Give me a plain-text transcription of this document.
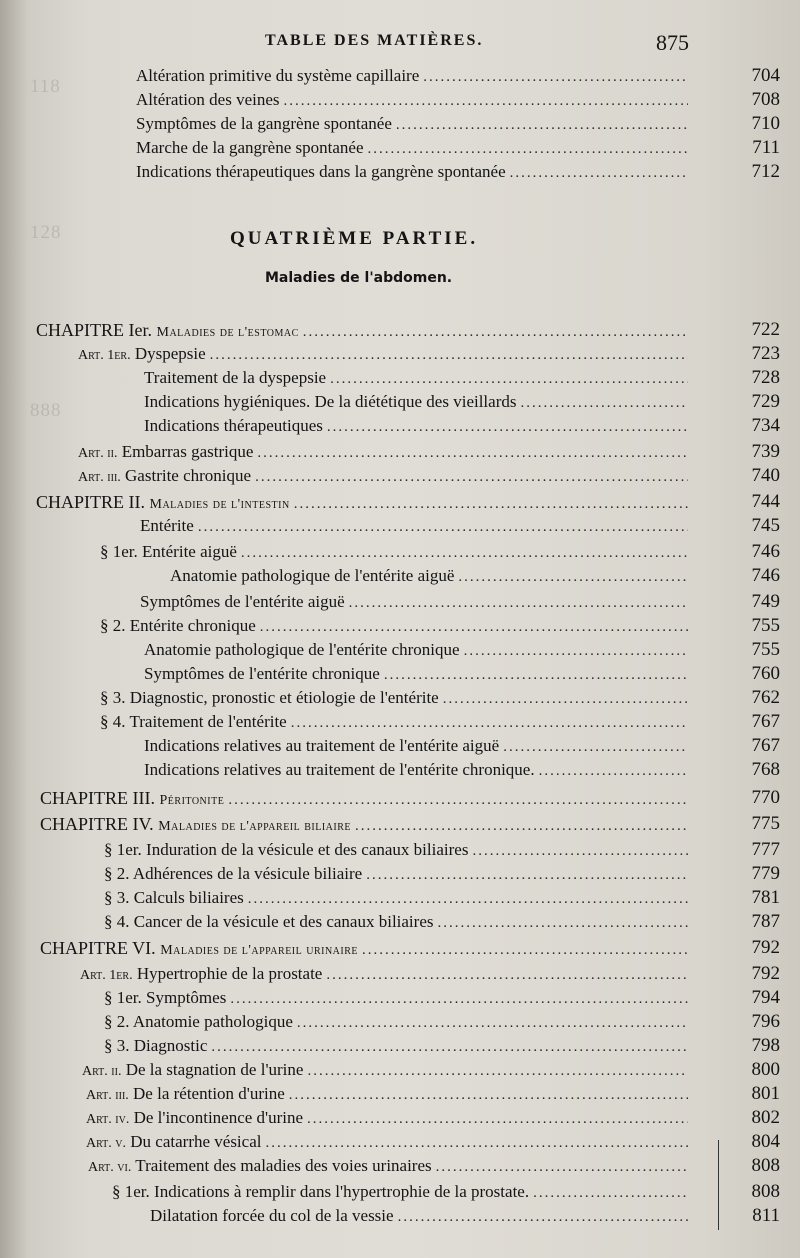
118
128
888
TABLE DES MATIÈRES.	875
Altération primitive du système capillaire .....	704
Altération des veines .....	708
Symptômes de la gangrène spontanée .....	710
Marche de la gangrène spontanée .....	711
Indications thérapeutiques dans la gangrène spontanée .....	712
QUATRIÈME PARTIE.
Maladies de l'abdomen.
CHAPITRE Ier. Maladies de l'estomac .....	722
Art. 1er. Dyspepsie .....	723
Traitement de la dyspepsie .....	728
Indications hygiéniques. De la diététique des vieillards .....	729
Indications thérapeutiques .....	734
Art. ii. Embarras gastrique .....	739
Art. iii. Gastrite chronique .....	740
CHAPITRE II. Maladies de l'intestin .....	744
Entérite .....	745
§ 1er. Entérite aiguë .....	746
Anatomie pathologique de l'entérite aiguë .....	746
Symptômes de l'entérite aiguë .....	749
§ 2. Entérite chronique .....	755
Anatomie pathologique de l'entérite chronique .....	755
Symptômes de l'entérite chronique .....	760
§ 3. Diagnostic, pronostic et étiologie de l'entérite .....	762
§ 4. Traitement de l'entérite .....	767
Indications relatives au traitement de l'entérite aiguë .....	767
Indications relatives au traitement de l'entérite chronique. .....	768
CHAPITRE III. Péritonite .....	770
CHAPITRE IV. Maladies de l'appareil biliaire .....	775
§ 1er. Induration de la vésicule et des canaux biliaires .....	777
§ 2. Adhérences de la vésicule biliaire .....	779
§ 3. Calculs biliaires .....	781
§ 4. Cancer de la vésicule et des canaux biliaires .....	787
CHAPITRE VI. Maladies de l'appareil urinaire .....	792
Art. 1er. Hypertrophie de la prostate .....	792
§ 1er. Symptômes .....	794
§ 2. Anatomie pathologique .....	796
§ 3. Diagnostic .....	798
Art. ii. De la stagnation de l'urine .....	800
Art. iii. De la rétention d'urine .....	801
Art. iv. De l'incontinence d'urine .....	802
Art. v. Du catarrhe vésical .....	804
Art. vi. Traitement des maladies des voies urinaires .....	808
§ 1er. Indications à remplir dans l'hypertrophie de la prostate. .....	808
Dilatation forcée du col de la vessie .....	811
